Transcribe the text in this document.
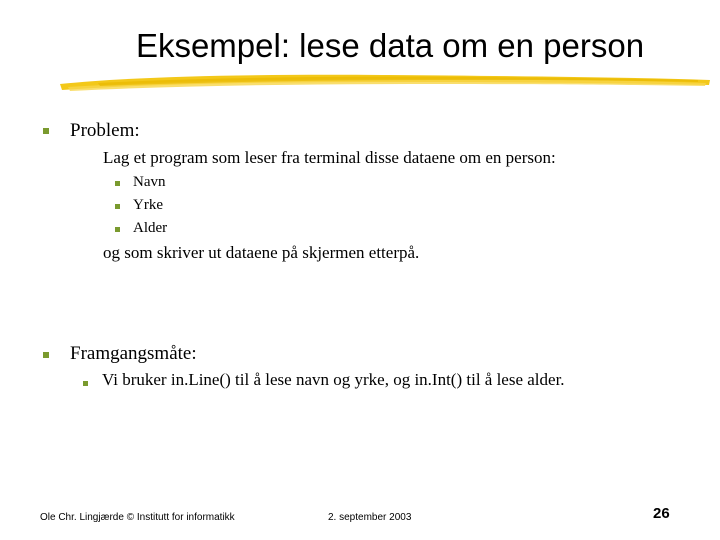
Eksempel: lese data om en person
Problem:
Lag et program som leser fra terminal disse dataene om en person:
Navn
Yrke
Alder
og som skriver ut dataene på skjermen etterpå.
Framgangsmåte:
Vi bruker in.Line() til å lese navn og yrke, og in.Int() til å lese alder.
Ole Chr. Lingjærde © Institutt for informatikk	2. september 2003	26
